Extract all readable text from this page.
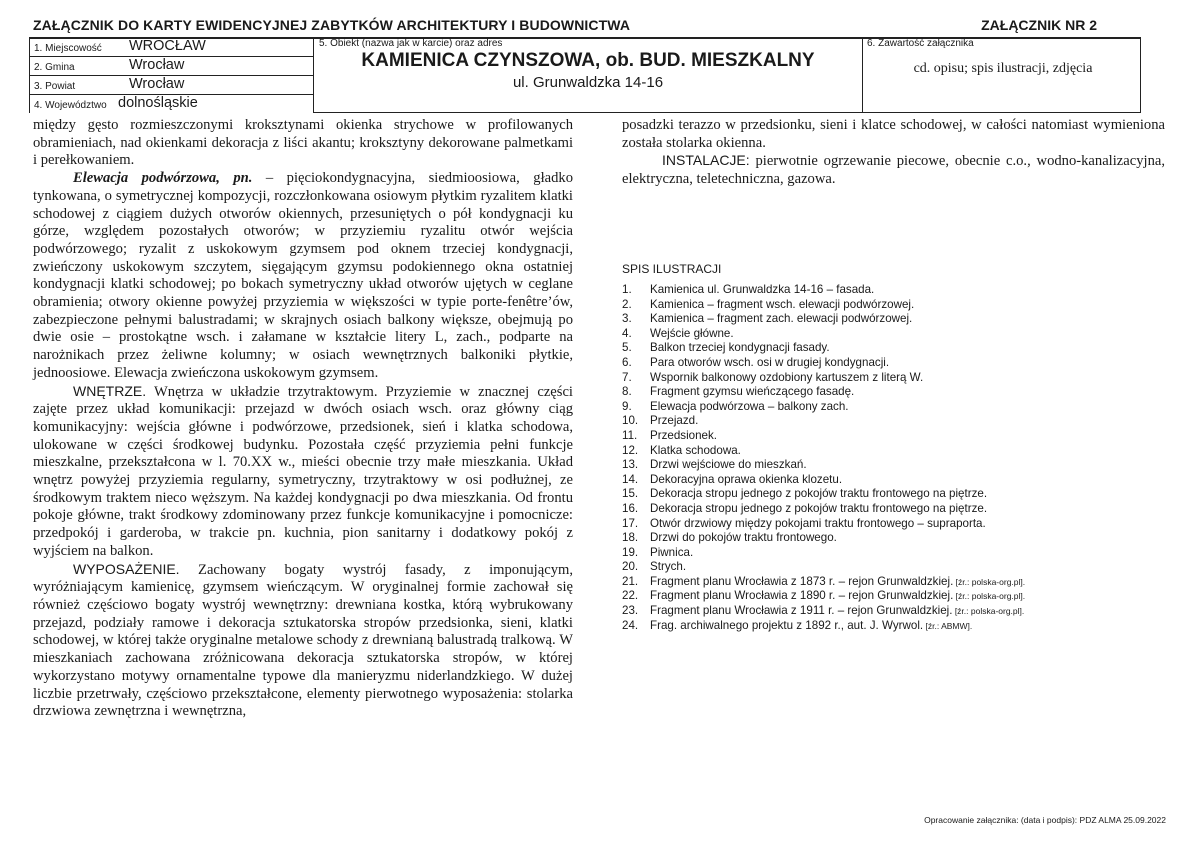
ZAŁĄCZNIK DO KARTY EWIDENCYJNEJ ZABYTKÓW ARCHITEKTURY I BUDOWNICTWA	ZAŁĄCZNIK NR 2
1. Miejscowość WROCŁAW
2. Gmina	Wrocław
3. Powiat	Wrocław
4. Województwo dolnośląskie
5. Obiekt (nazwa jak w karcie) oraz adres
KAMIENICA CZYNSZOWA, ob. BUD. MIESZKALNY
ul. Grunwaldzka 14-16
6. Zawartość załącznika
cd. opisu; spis ilustracji, zdjęcia

między gęsto rozmieszczonymi kroksztynami okienka strychowe w profilowanych obramieniach, nad okienkami dekoracja z liści akantu; kroksztyny dekorowane palmetkami i perełkowaniem.

Elewacja podwórzowa, pn. – pięciokondygnacyjna, siedmioosiowa, gładko tynkowana, o symetrycznej kompozycji, rozczłonkowana osiowym płytkim ryzalitem klatki schodowej z ciągiem dużych otworów okiennych, przesuniętych o pół kondygnacji ku górze, względem pozostałych otworów; w przyziemiu ryzalitu otwór wejścia podwórzowego; ryzalit z uskokowym gzymsem pod oknem trzeciej kondygnacji, zwieńczony uskokowym szczytem, sięgającym gzymsu podokiennego okna ostatniej kondygnacji klatki schodowej; po bokach symetryczny układ otworów ujętych w ceglane obramienia; otwory okienne powyżej przyziemia w większości w typie porte-fenêtre’ów, zabezpieczone pełnymi balustradami; w skrajnych osiach balkony większe, obejmują po dwie osie – prostokątne wsch. i załamane w kształcie litery L, zach., podparte na narożnikach przez żeliwne kolumny; w osiach wewnętrznych balkoniki płytkie, jednoosiowe. Elewacja zwieńczona uskokowym gzymsem.

WNĘTRZE. Wnętrza w układzie trzytraktowym. Przyziemie w znacznej części zajęte przez układ komunikacji: przejazd w dwóch osiach wsch. oraz główny ciąg komunikacyjny: wejścia główne i podwórzowe, przedsionek, sień i klatka schodowa, ulokowane w części środkowej budynku. Pozostała część przyziemia pełni funkcje mieszkalne, przekształcona w l. 70.XX w., mieści obecnie trzy małe mieszkania. Układ wnętrz powyżej przyziemia regularny, symetryczny, trzytraktowy w osi podłużnej, ze środkowym traktem nieco węższym. Na każdej kondygnacji po dwa mieszkania. Od frontu pokoje główne, trakt środkowy zdominowany przez funkcje komunikacyjne i pomocnicze: przedpokój i garderoba, w trakcie pn. kuchnia, pion sanitarny i dodatkowy pokój z wyjściem na balkon.

WYPOSAŻENIE. Zachowany bogaty wystrój fasady, z imponującym, wyróżniającym kamienicę, gzymsem wieńczącym. W oryginalnej formie zachował się również częściowo bogaty wystrój wewnętrzny: drewniana kostka, którą wybrukowany przejazd, podziały ramowe i dekoracja sztukatorska stropów przedsionka, sieni, klatki schodowej, w której także oryginalne metalowe schody z drewnianą balustradą tralkową. W mieszkaniach zachowana zróżnicowana dekoracja sztukatorska stropów, w której wykorzystano motywy ornamentalne typowe dla manieryzmu niderlandzkiego. W dużej liczbie przetrwały, częściowo przekształcone, elementy pierwotnego wyposażenia: stolarka drzwiowa zewnętrzna i wewnętrzna,

posadzki terazzo w przedsionku, sieni i klatce schodowej, w całości natomiast wymieniona została stolarka okienna.

INSTALACJE: pierwotnie ogrzewanie piecowe, obecnie c.o., wodno-kanalizacyjna, elektryczna, teletechniczna, gazowa.

SPIS ILUSTRACJI
1. Kamienica ul. Grunwaldzka 14-16 – fasada.
2. Kamienica – fragment wsch. elewacji podwórzowej.
3. Kamienica – fragment zach. elewacji podwórzowej.
4. Wejście główne.
5. Balkon trzeciej kondygnacji fasady.
6. Para otworów wsch. osi w drugiej kondygnacji.
7. Wspornik balkonowy ozdobiony kartuszem z literą W.
8. Fragment gzymsu wieńczącego fasadę.
9. Elewacja podwórzowa – balkony zach.
10. Przejazd.
11. Przedsionek.
12. Klatka schodowa.
13. Drzwi wejściowe do mieszkań.
14. Dekoracyjna oprawa okienka klozetu.
15. Dekoracja stropu jednego z pokojów traktu frontowego na piętrze.
16. Dekoracja stropu jednego z pokojów traktu frontowego na piętrze.
17. Otwór drzwiowy między pokojami traktu frontowego – supraporta.
18. Drzwi do pokojów traktu frontowego.
19. Piwnica.
20. Strych.
21. Fragment planu Wrocławia z 1873 r. – rejon Grunwaldzkiej. [źr.: polska-org.pl].
22. Fragment planu Wrocławia z 1890 r. – rejon Grunwaldzkiej. [źr.: polska-org.pl].
23. Fragment planu Wrocławia z 1911 r. – rejon Grunwaldzkiej. [źr.: polska-org.pl].
24. Frag. archiwalnego projektu z 1892 r., aut. J. Wyrwol. [źr.: ABMW].
Opracowanie załącznika: (data i podpis): PDZ ALMA 25.09.2022
